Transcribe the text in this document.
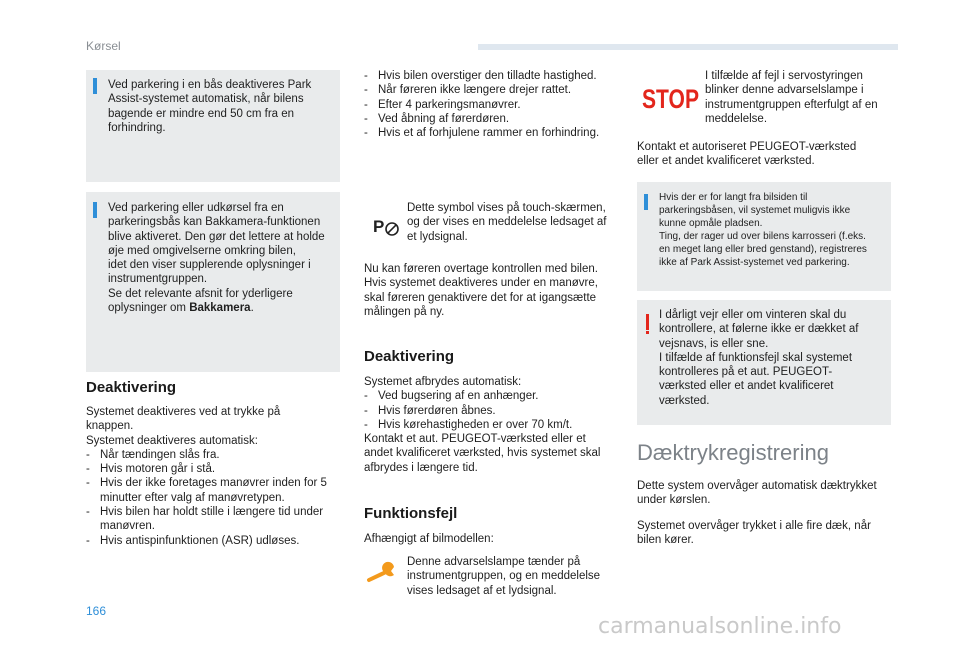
Kørsel
Ved parkering i en bås deaktiveres Park Assist-systemet automatisk, når bilens bagende er mindre end 50 cm fra en forhindring.
Ved parkering eller udkørsel fra en
parkeringsbås kan Bakkamera-funktionen
blive aktiveret. Den gør det lettere at holde
øje med omgivelserne omkring bilen,
idet den viser supplerende oplysninger i
instrumentgruppen.
Se det relevante afsnit for yderligere
oplysninger om Bakkamera.
Deaktivering
Systemet deaktiveres ved at trykke på
knappen.
Systemet deaktiveres automatisk:
- Når tændingen slås fra.
- Hvis motoren går i stå.
- Hvis der ikke foretages manøvrer inden for 5 minutter efter valg af manøvretypen.
- Hvis bilen har holdt stille i længere tid under manøvren.
- Hvis antispinfunktionen (ASR) udløses.
- Hvis bilen overstiger den tilladte hastighed.
- Når føreren ikke længere drejer rattet.
- Efter 4 parkeringsmanøvrer.
- Ved åbning af førerdøren.
- Hvis et af forhjulene rammer en forhindring.
P
Dette symbol vises på touch-skærmen, og der vises en meddelelse ledsaget af et lydsignal.
Nu kan føreren overtage kontrollen med bilen.
Hvis systemet deaktiveres under en manøvre,
skal føreren genaktivere det for at igangsætte
målingen på ny.
Deaktivering
Systemet afbrydes automatisk:
- Ved bugsering af en anhænger.
- Hvis førerdøren åbnes.
- Hvis kørehastigheden er over 70 km/t.
Kontakt et aut. PEUGEOT-værksted eller et
andet kvalificeret værksted, hvis systemet skal
afbrydes i længere tid.
Funktionsfejl
Afhængigt af bilmodellen:
Denne advarselslampe tænder på instrumentgruppen, og en meddelelse vises ledsaget af et lydsignal.
STOP
I tilfælde af fejl i servostyringen blinker denne advarselslampe i instrumentgruppen efterfulgt af en meddelelse.
Kontakt et autoriseret PEUGEOT-værksted
eller et andet kvalificeret værksted.
Hvis der er for langt fra bilsiden til
parkeringsbåsen, vil systemet muligvis ikke
kunne opmåle pladsen.
Ting, der rager ud over bilens karrosseri (f.eks.
en meget lang eller bred genstand), registreres
ikke af Park Assist-systemet ved parkering.
I dårligt vejr eller om vinteren skal du
kontrollere, at følerne ikke er dækket af
vejsnavs, is eller sne.
I tilfælde af funktionsfejl skal systemet
kontrolleres på et aut. PEUGEOT-
værksted eller et andet kvalificeret
værksted.
Dæktrykregistrering
Dette system overvåger automatisk dæktrykket
under kørslen.
Systemet overvåger trykket i alle fire dæk, når
bilen kører.
166
carmanualsonline.info
